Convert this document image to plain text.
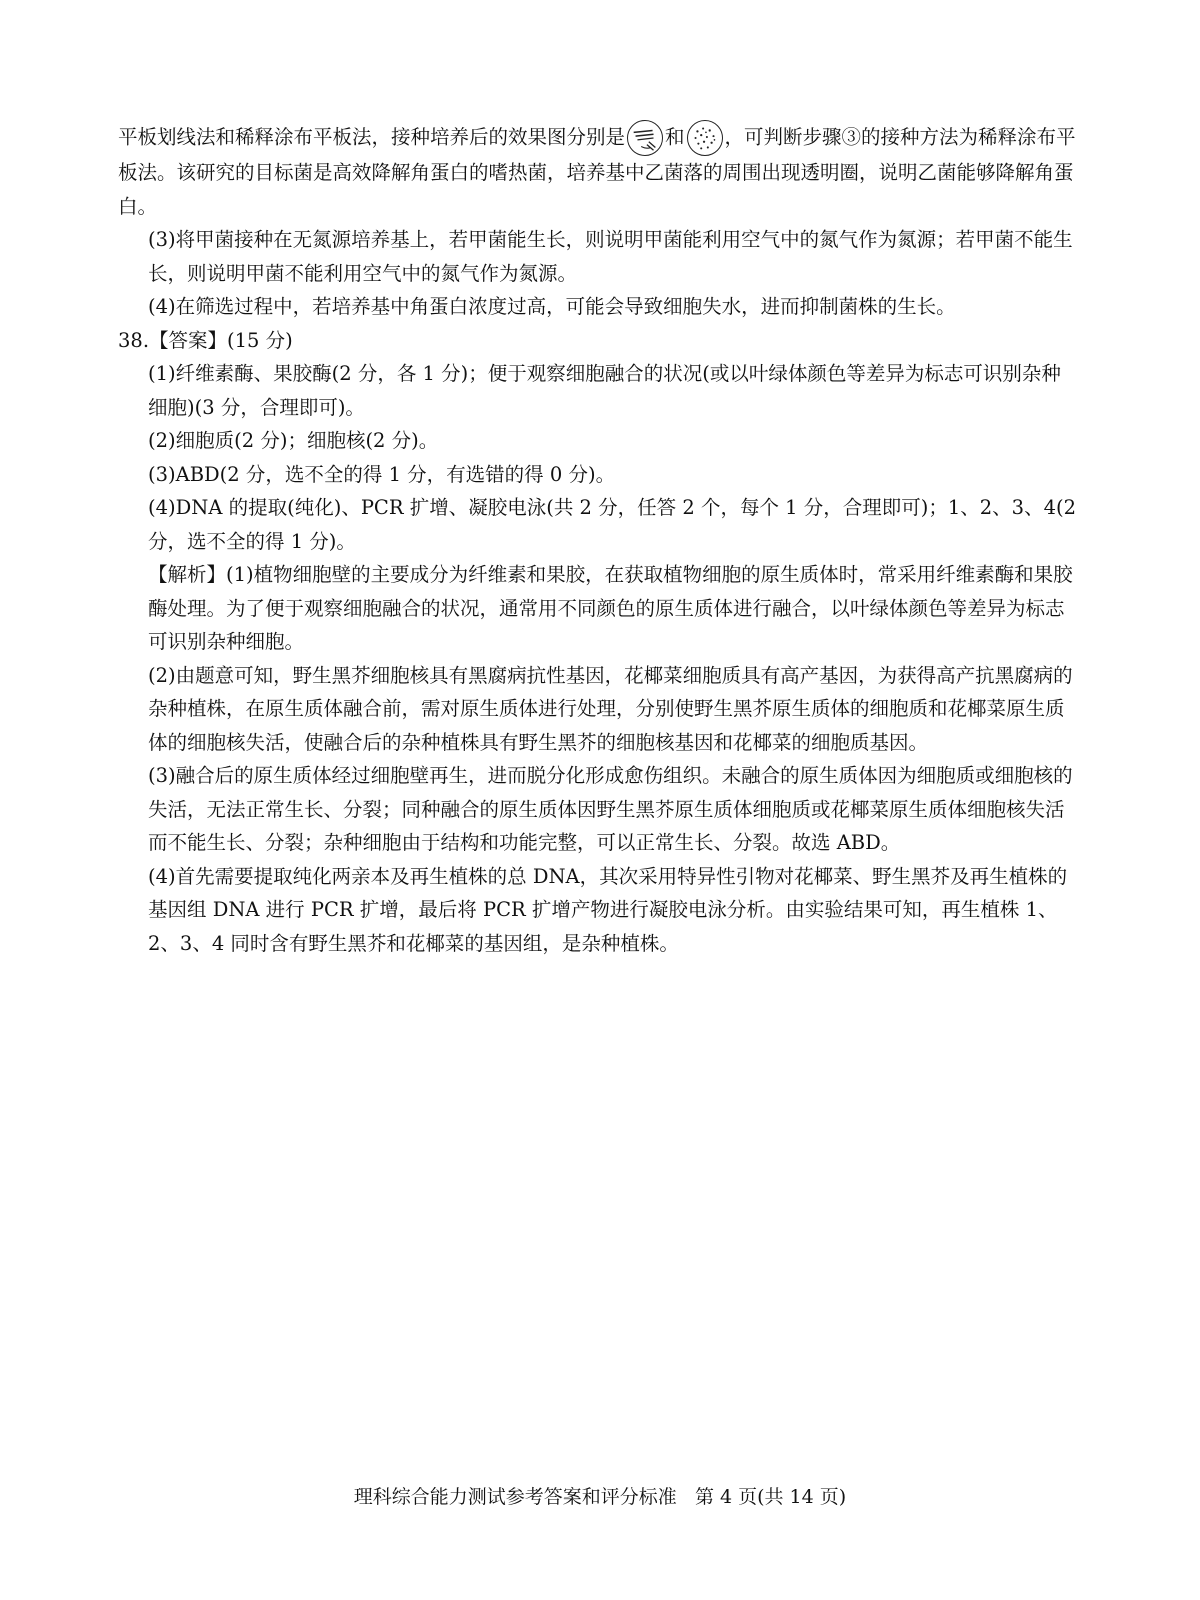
平板划线法和稀释涂布平板法，接种培养后的效果图分别是 和 ，可判断步骤③的接种方法为稀释涂布平板法。该研究的目标菌是高效降解角蛋白的嗜热菌，培养基中乙菌落的周围出现透明圈，说明乙菌能够降解角蛋白。

(3)将甲菌接种在无氮源培养基上，若甲菌能生长，则说明甲菌能利用空气中的氮气作为氮源；若甲菌不能生长，则说明甲菌不能利用空气中的氮气作为氮源。

(4)在筛选过程中，若培养基中角蛋白浓度过高，可能会导致细胞失水，进而抑制菌株的生长。

38.【答案】(15 分)

(1)纤维素酶、果胶酶(2 分，各 1 分)；便于观察细胞融合的状况(或以叶绿体颜色等差异为标志可识别杂种细胞)(3 分，合理即可)。

(2)细胞质(2 分)；细胞核(2 分)。

(3)ABD(2 分，选不全的得 1 分，有选错的得 0 分)。

(4)DNA 的提取(纯化)、PCR 扩增、凝胶电泳(共 2 分，任答 2 个，每个 1 分，合理即可)；1、2、3、4(2 分，选不全的得 1 分)。

【解析】(1)植物细胞壁的主要成分为纤维素和果胶，在获取植物细胞的原生质体时，常采用纤维素酶和果胶酶处理。为了便于观察细胞融合的状况，通常用不同颜色的原生质体进行融合，以叶绿体颜色等差异为标志可识别杂种细胞。

(2)由题意可知，野生黑芥细胞核具有黑腐病抗性基因，花椰菜细胞质具有高产基因，为获得高产抗黑腐病的杂种植株，在原生质体融合前，需对原生质体进行处理，分别使野生黑芥原生质体的细胞质和花椰菜原生质体的细胞核失活，使融合后的杂种植株具有野生黑芥的细胞核基因和花椰菜的细胞质基因。

(3)融合后的原生质体经过细胞壁再生，进而脱分化形成愈伤组织。未融合的原生质体因为细胞质或细胞核的失活，无法正常生长、分裂；同种融合的原生质体因野生黑芥原生质体细胞质或花椰菜原生质体细胞核失活而不能生长、分裂；杂种细胞由于结构和功能完整，可以正常生长、分裂。故选 ABD。

(4)首先需要提取纯化两亲本及再生植株的总 DNA，其次采用特异性引物对花椰菜、野生黑芥及再生植株的基因组 DNA 进行 PCR 扩增，最后将 PCR 扩增产物进行凝胶电泳分析。由实验结果可知，再生植株 1、2、3、4 同时含有野生黑芥和花椰菜的基因组，是杂种植株。

理科综合能力测试参考答案和评分标准 第 4 页(共 14 页)
